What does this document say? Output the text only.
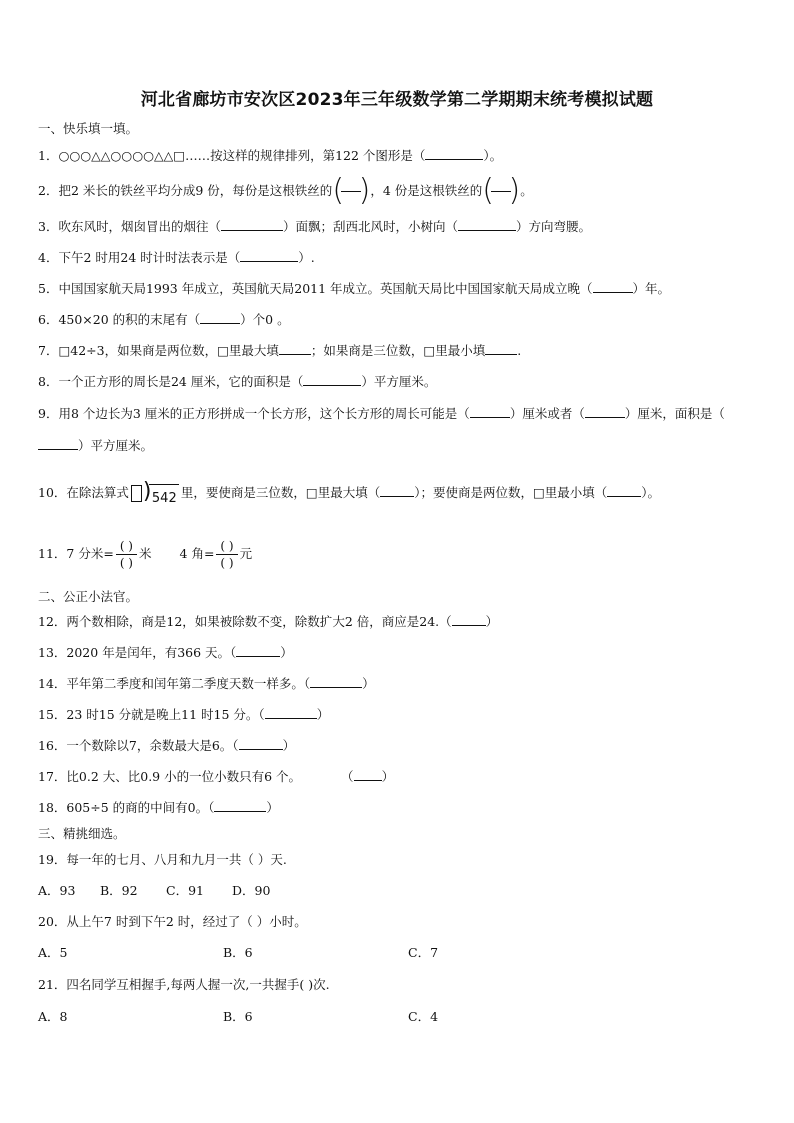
河北省廊坊市安次区2023年三年级数学第二学期期末统考模拟试题
一、快乐填一填。
1．○○○△△○○○○△△□……按这样的规律排列，第122 个图形是（	）。
2．把2 米长的铁丝平均分成9 份，每份是这根铁丝的 ( ) ，4 份是这根铁丝的 ( ) 。
3．吹东风时，烟囱冒出的烟往（	）面飘；刮西北风时，小树向（	）方向弯腰。
4．下午2 时用24 时计时法表示是（	）.
5．中国国家航天局1993 年成立，英国航天局2011 年成立。英国航天局比中国国家航天局成立晚（	）年。
6．450×20 的积的末尾有（	）个0 。
7．□42÷3，如果商是两位数，□里最大填	；如果商是三位数，□里最小填	.
8．一个正方形的周长是24 厘米，它的面积是（	）平方厘米。
9．用8 个边长为3 厘米的正方形拼成一个长方形，这个长方形的周长可能是（	）厘米或者（	）厘米，面积是（）平方厘米。
10．在除法算式 ) 542 里，要使商是三位数，□里最大填（	）；要使商是两位数，□里最小填（	）。
11．7 分米= $\frac{( )}{( )}$ 米 4 角= $\frac{( )}{( )}$ 元
二、公正小法官。
12．两个数相除，商是12，如果被除数不变，除数扩大2 倍，商应是24.（	）
13．2020 年是闰年，有366 天。（	）
14．平年第二季度和闰年第二季度天数一样多。（	）
15．23 时15 分就是晚上11 时15 分。（	）
16．一个数除以7，余数最大是6。（	）
17．比0.2 大、比0.9 小的一位小数只有6 个。	（ ）
18．605÷5 的商的中间有0。（	）
三、精挑细选。
19．每一年的七月、八月和九月一共（ ）天.
A．93 B．92 C．91 D．90
20．从上午7 时到下午2 时，经过了（ ）小时。
A．5	B．6	C．7
21．四名同学互相握手,每两人握一次,一共握手( )次.
A．8	B．6	C．4
